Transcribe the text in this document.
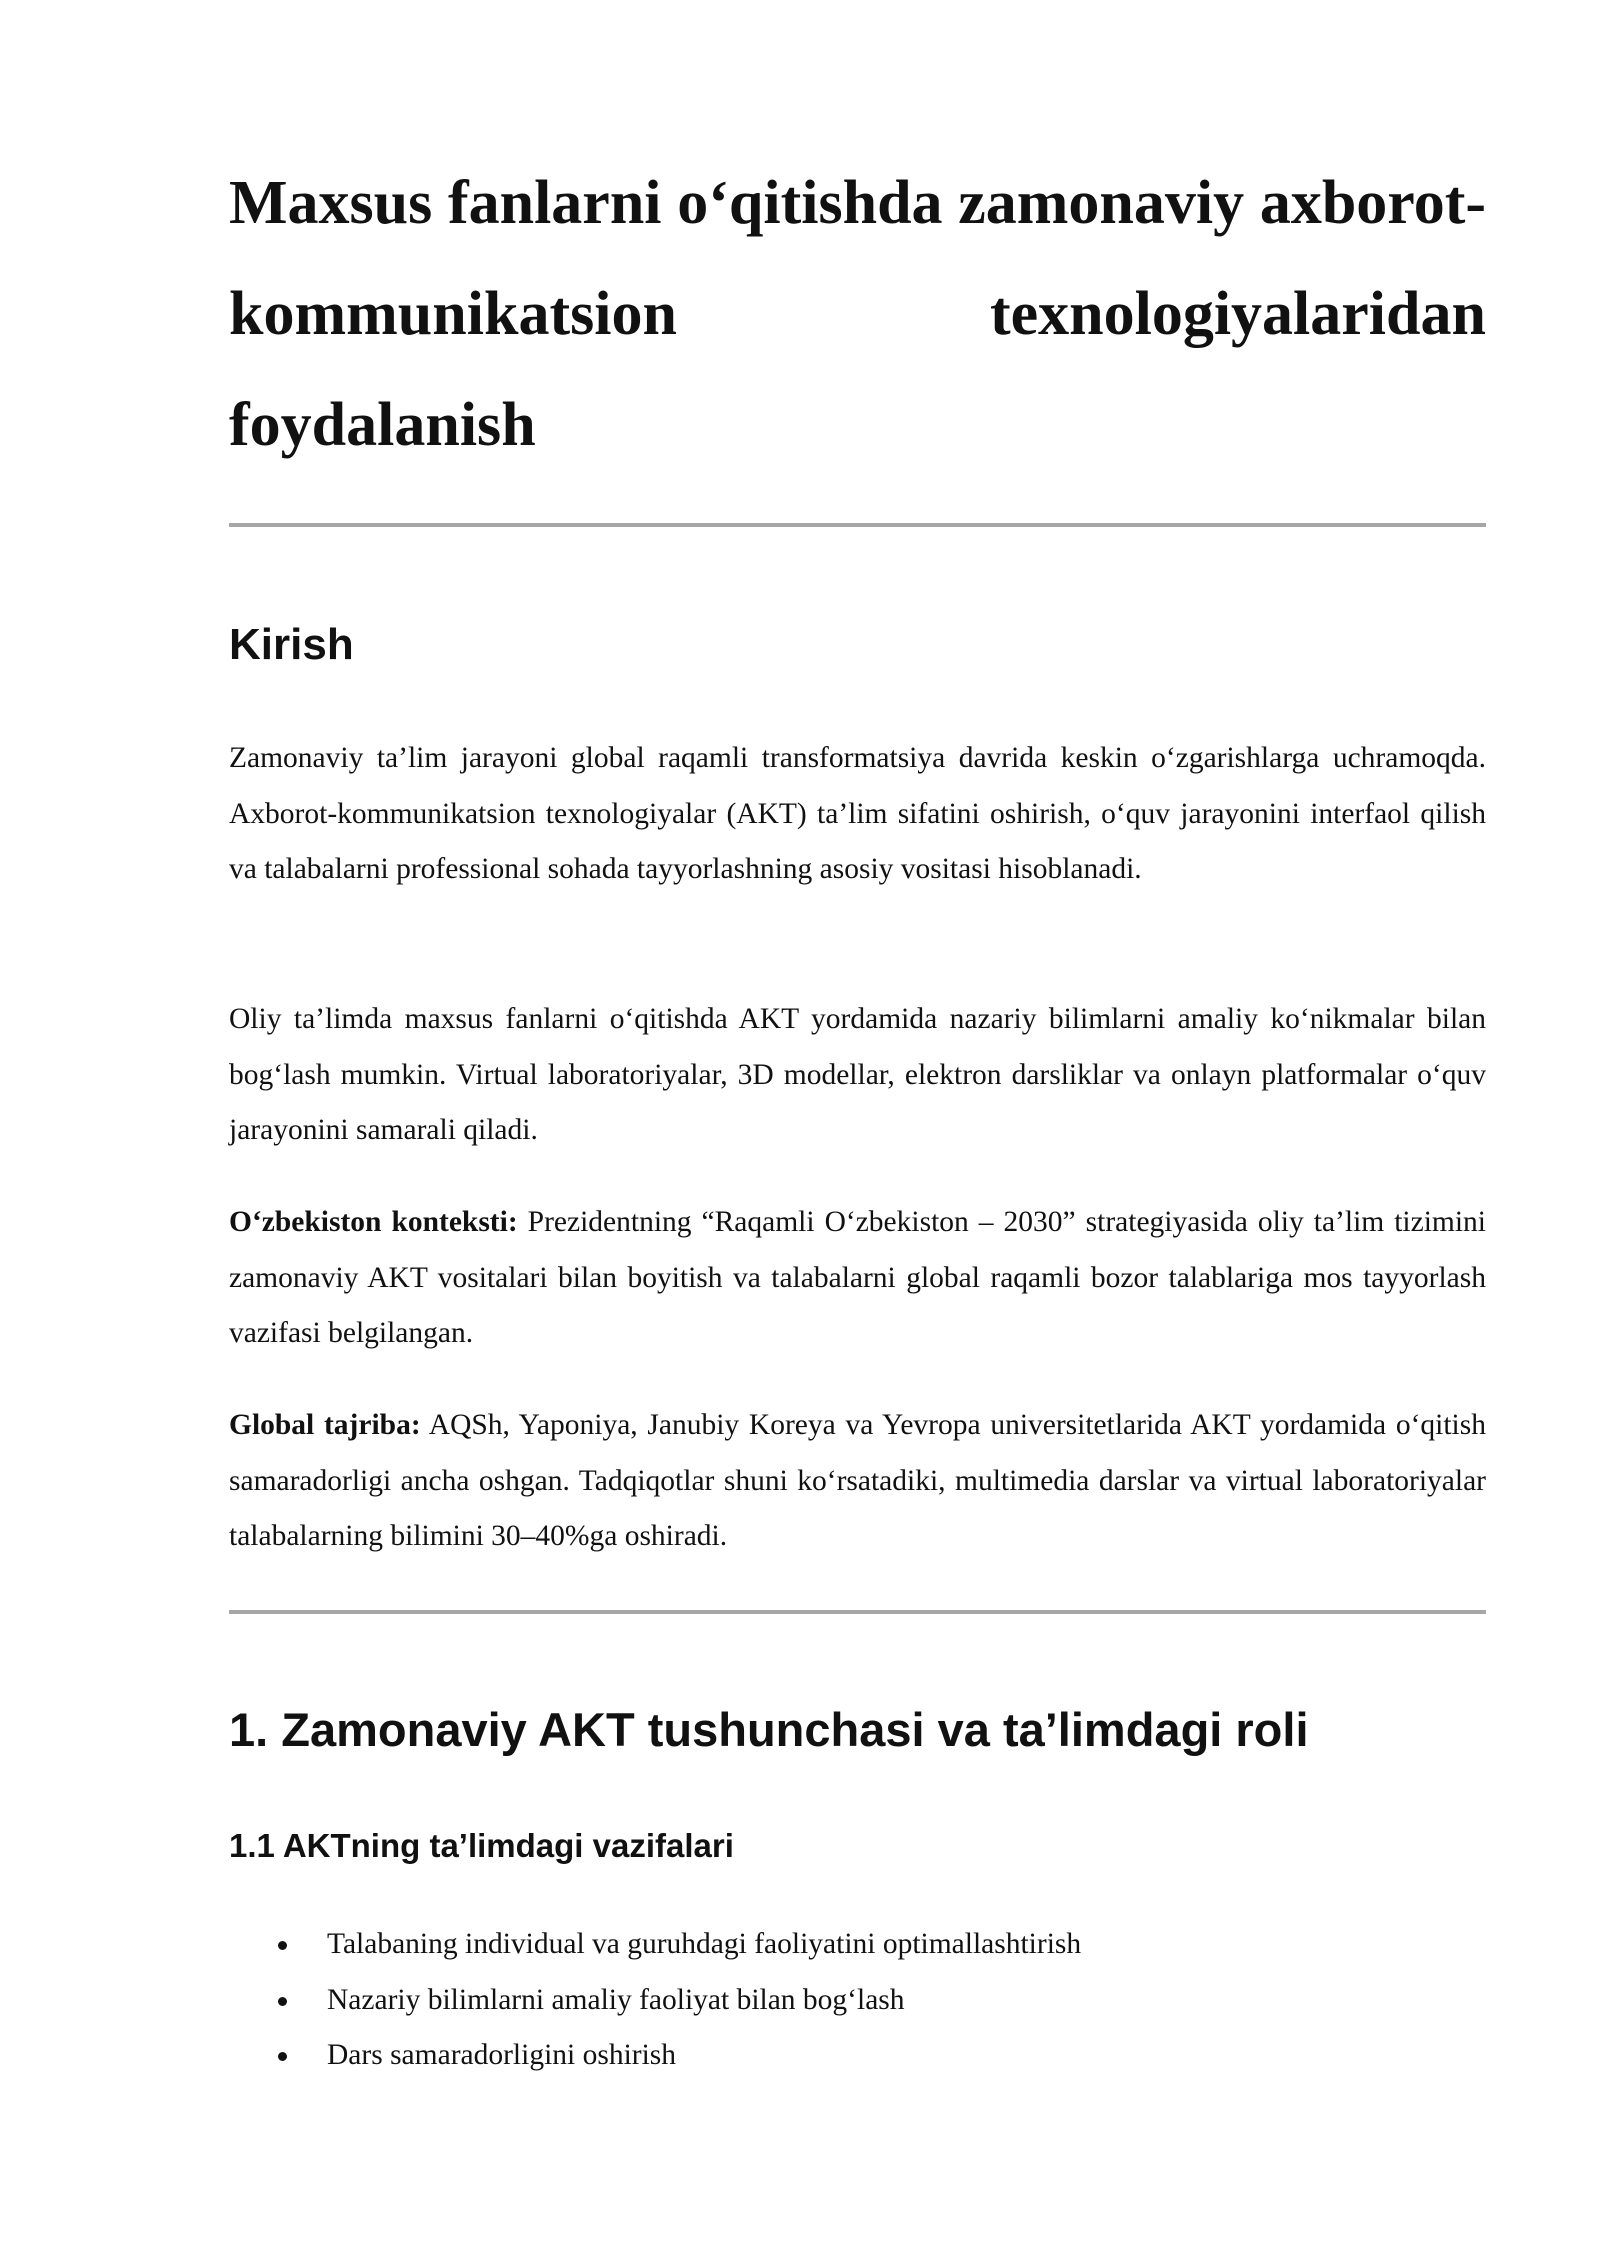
Maxsus fanlarni o‘qitishda zamonaviy axborot-kommunikatsion texnologiyalaridan foydalanish
Kirish

Zamonaviy ta’lim jarayoni global raqamli transformatsiya davrida keskin o‘zgarishlarga uchramoqda. Axborot-kommunikatsion texnologiyalar (AKT) ta’lim sifatini oshirish, o‘quv jarayonini interfaol qilish va talabalarni professional sohada tayyorlashning asosiy vositasi hisoblanadi.

Oliy ta’limda maxsus fanlarni o‘qitishda AKT yordamida nazariy bilimlarni amaliy ko‘nikmalar bilan bog‘lash mumkin. Virtual laboratoriyalar, 3D modellar, elektron darsliklar va onlayn platformalar o‘quv jarayonini samarali qiladi.

O‘zbekiston konteksti: Prezidentning “Raqamli O‘zbekiston – 2030” strategiyasida oliy ta’lim tizimini zamonaviy AKT vositalari bilan boyitish va talabalarni global raqamli bozor talablariga mos tayyorlash vazifasi belgilangan.

Global tajriba: AQSh, Yaponiya, Janubiy Koreya va Yevropa universitetlarida AKT yordamida o‘qitish samaradorligi ancha oshgan. Tadqiqotlar shuni ko‘rsatadiki, multimedia darslar va virtual laboratoriyalar talabalarning bilimini 30–40%ga oshiradi.

1. Zamonaviy AKT tushunchasi va ta’limdagi roli
1.1 AKTning ta’limdagi vazifalari
Talabaning individual va guruhdagi faoliyatini optimallashtirish
Nazariy bilimlarni amaliy faoliyat bilan bog‘lash
Dars samaradorligini oshirish
